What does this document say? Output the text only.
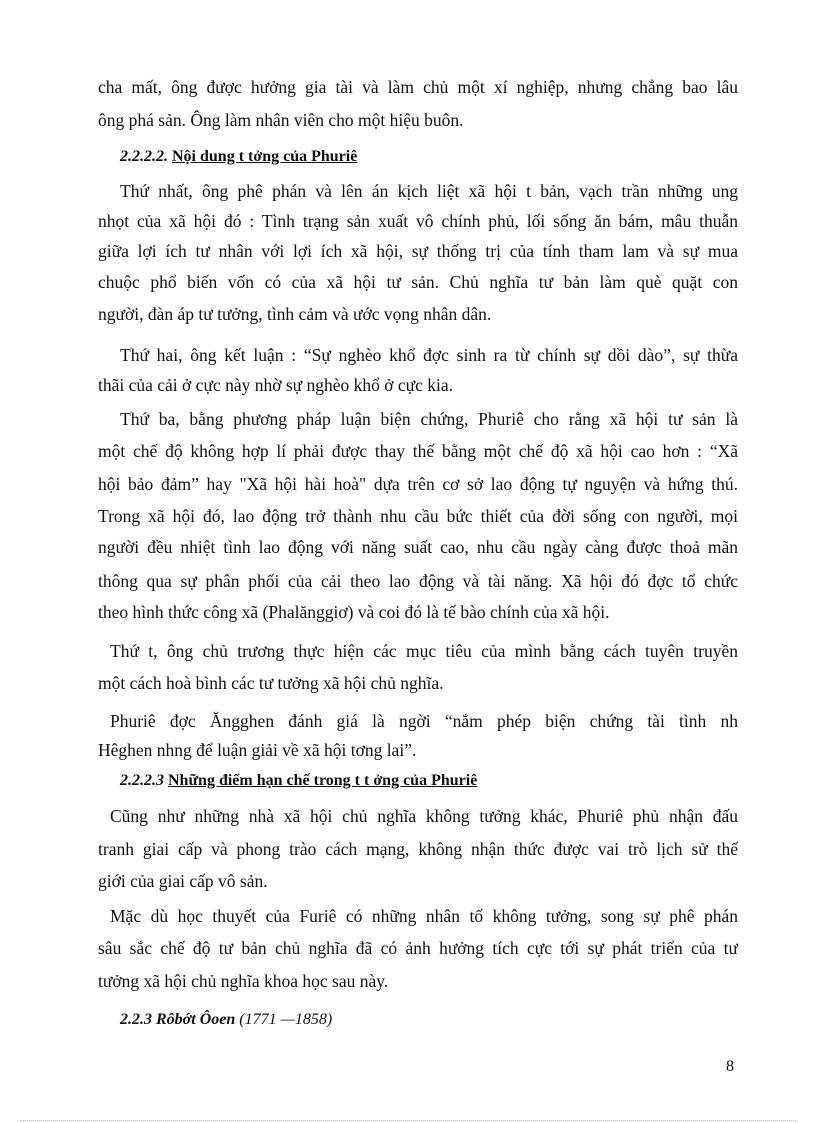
cha mất, ông được hưởng gia tài và làm chủ một xí nghiệp, nhưng chẳng bao lâu
ông phá sản. Ông làm nhân viên cho một hiệu buôn.
2.2.2.2. Nội dung t tởng của Phuriê
Thứ nhất, ông phê phán và lên án kịch liệt xã hội t bản, vạch trần những ung
nhọt của xã hội đó : Tình trạng sản xuất vô chính phủ, lối sống ăn bám, mâu thuẫn
giữa lợi ích tư nhân với lợi ích xã hội, sự thống trị của tính tham lam và sự mua
chuộc phổ biến vốn có của xã hội tư sản. Chủ nghĩa tư bản làm què quặt con
người, đàn áp tư tưởng, tình cảm và ước vọng nhân dân.
Thứ hai, ông kết luận : “Sự nghèo khổ đợc sinh ra từ chính sự dồi dào”, sự thừa
thãi của cải ở cực này nhờ sự nghèo khổ ở cực kia.
Thứ ba, bằng phương pháp luận biện chứng, Phuriê cho rằng xã hội tư sản là
một chế độ không hợp lí phải được thay thế bằng một chế độ xã hội cao hơn : “Xã
hội bảo đảm” hay "Xã hội hài hoà" dựa trên cơ sở lao động tự nguyện và hứng thú.
Trong xã hội đó, lao động trở thành nhu cầu bức thiết của đời sống con người, mọi
người đều nhiệt tình lao động với năng suất cao, nhu cầu ngày càng được thoả mãn
thông qua sự phân phối của cải theo lao động và tài năng. Xã hội đó đợc tổ chức
theo hình thức công xã (Phalănggiơ) và coi đó là tế bào chính của xã hội.
Thứ t, ông chủ trương thực hiện các mục tiêu của mình bằng cách tuyên truyền
một cách hoà bình các tư tưởng xã hội chủ nghĩa.
Phuriê đợc Ăngghen đánh giá là ngời “nắm phép biện chứng tài tình nh
Hêghen nhng để luận giải về xã hội tơng lai”.
2.2.2.3 Những điểm hạn chế trong t t ởng của Phuriê
Cũng như những nhà xã hội chủ nghĩa không tưởng khác, Phuriê phủ nhận đấu
tranh giai cấp và phong trào cách mạng, không nhận thức được vai trò lịch sử thế
giới của giai cấp vô sản.
Mặc dù học thuyết của Furiê có những nhân tố không tưởng, song sự phê phán
sâu sắc chế độ tư bản chủ nghĩa đã có ảnh hưởng tích cực tới sự phát triển của tư
tưởng xã hội chủ nghĩa khoa học sau này.
2.2.3 Rôbớt Ôoen (1771 —1858)
8
